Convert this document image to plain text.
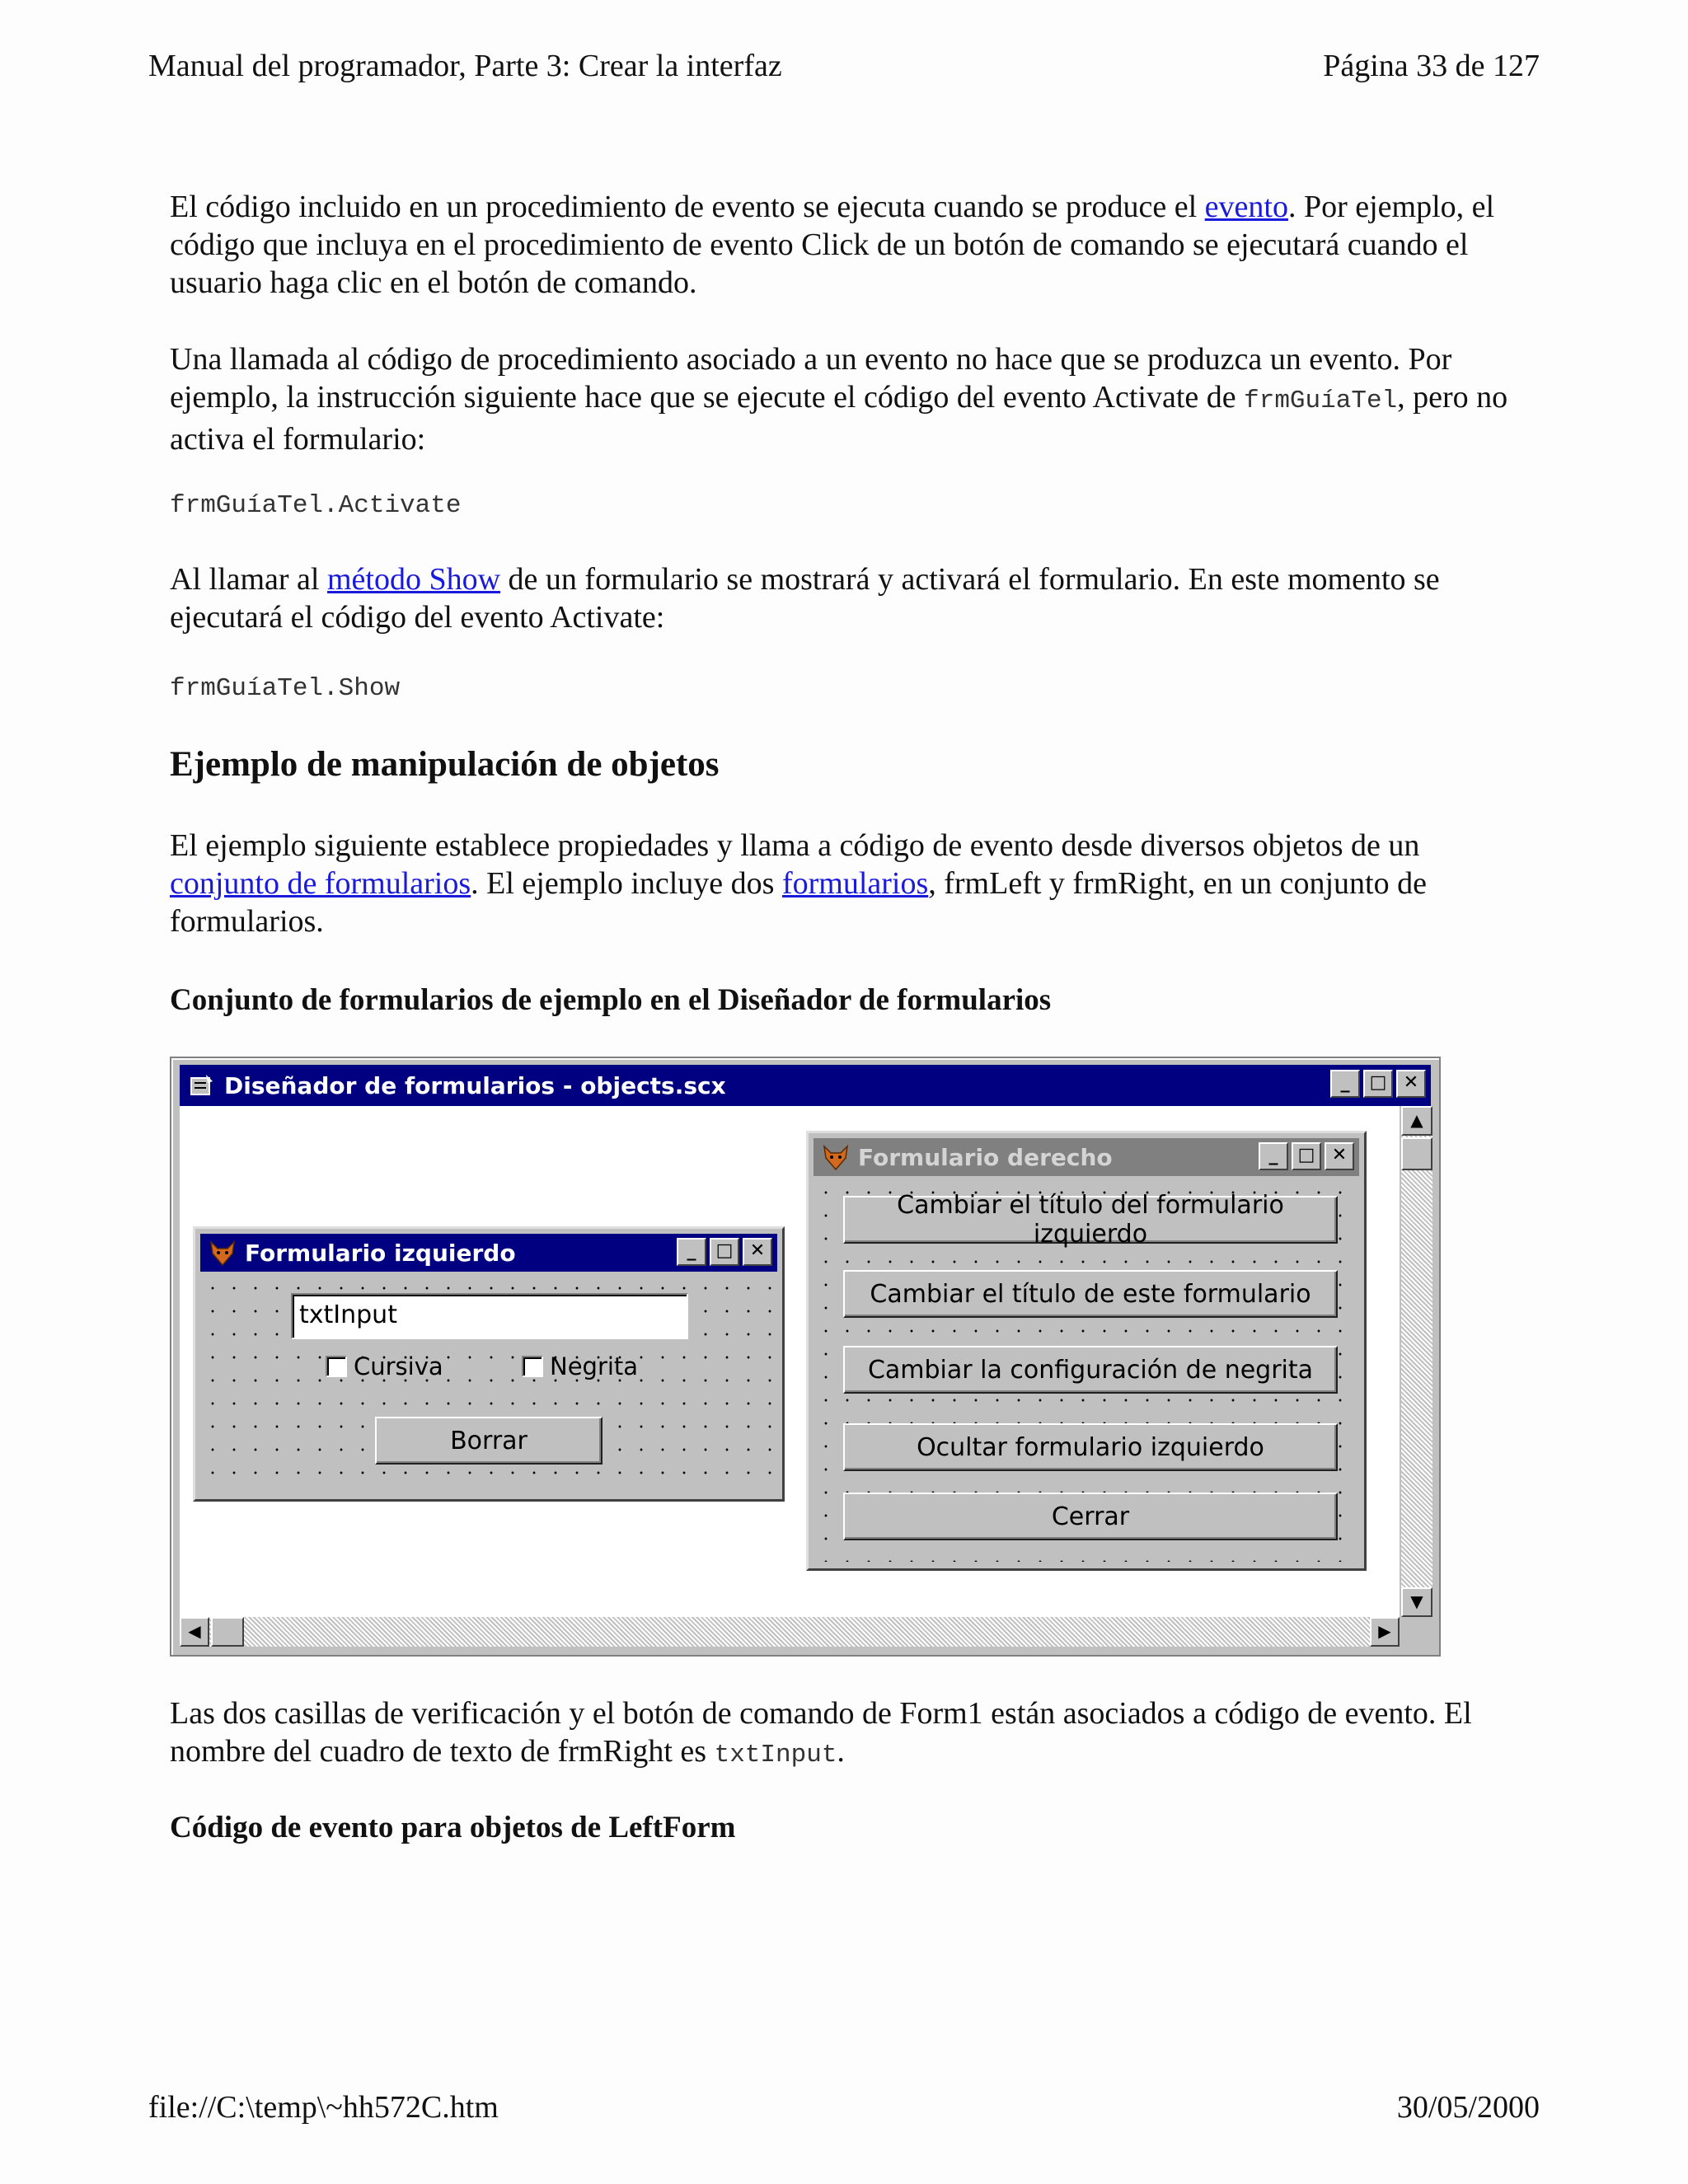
Manual del programador, Parte 3: Crear la interfaz	Página 33 de 127
El código incluido en un procedimiento de evento se ejecuta cuando se produce el evento. Por ejemplo, el código que incluya en el procedimiento de evento Click de un botón de comando se ejecutará cuando el usuario haga clic en el botón de comando.
Una llamada al código de procedimiento asociado a un evento no hace que se produzca un evento. Por ejemplo, la instrucción siguiente hace que se ejecute el código del evento Activate de frmGuíaTel, pero no activa el formulario:
frmGuíaTel.Activate
Al llamar al método Show de un formulario se mostrará y activará el formulario. En este momento se ejecutará el código del evento Activate:
frmGuíaTel.Show
Ejemplo de manipulación de objetos
El ejemplo siguiente establece propiedades y llama a código de evento desde diversos objetos de un conjunto de formularios. El ejemplo incluye dos formularios, frmLeft y frmRight, en un conjunto de formularios.
Conjunto de formularios de ejemplo en el Diseñador de formularios
Diseñador de formularios - objects.scx	_	□ ✕
▲
▼
◀	▶
Formulario izquierdo	_	□ ✕
txtInput
Cursiva	Negrita
Borrar
Formulario derecho	_	□ ✕
Cambiar el título del formulario izquierdo
Cambiar el título de este formulario
Cambiar la configuración de negrita
Ocultar formulario izquierdo
Cerrar
Las dos casillas de verificación y el botón de comando de Form1 están asociados a código de evento. El nombre del cuadro de texto de frmRight es txtInput.
Código de evento para objetos de LeftForm
file://C:\temp\~hh572C.htm	30/05/2000
